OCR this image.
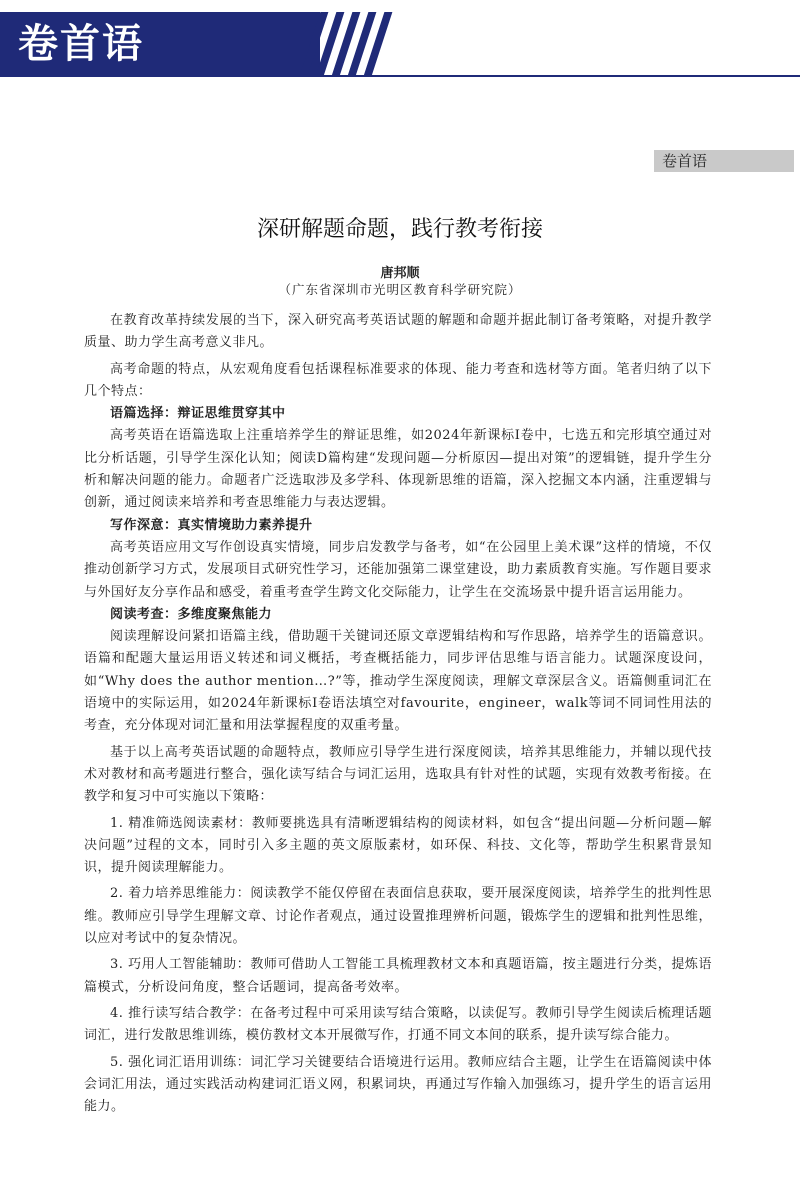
卷首语
卷首语
深研解题命题，践行教考衔接
唐邦顺
（广东省深圳市光明区教育科学研究院）

在教育改革持续发展的当下，深入研究高考英语试题的解题和命题并据此制订备考策略，对提升教学质量、助力学生高考意义非凡。

高考命题的特点，从宏观角度看包括课程标准要求的体现、能力考查和选材等方面。笔者归纳了以下几个特点：

语篇选择：辩证思维贯穿其中

高考英语在语篇选取上注重培养学生的辩证思维，如2024年新课标Ⅰ卷中，七选五和完形填空通过对比分析话题，引导学生深化认知；阅读D篇构建“发现问题—分析原因—提出对策”的逻辑链，提升学生分析和解决问题的能力。命题者广泛选取涉及多学科、体现新思维的语篇，深入挖掘文本内涵，注重逻辑与创新，通过阅读来培养和考查思维能力与表达逻辑。

写作深意：真实情境助力素养提升

高考英语应用文写作创设真实情境，同步启发教学与备考，如“在公园里上美术课”这样的情境，不仅推动创新学习方式，发展项目式研究性学习，还能加强第二课堂建设，助力素质教育实施。写作题目要求与外国好友分享作品和感受，着重考查学生跨文化交际能力，让学生在交流场景中提升语言运用能力。

阅读考查：多维度聚焦能力

阅读理解设问紧扣语篇主线，借助题干关键词还原文章逻辑结构和写作思路，培养学生的语篇意识。语篇和配题大量运用语义转述和词义概括，考查概括能力，同步评估思维与语言能力。试题深度设问，如“Why does the author mention…?”等，推动学生深度阅读，理解文章深层含义。语篇侧重词汇在语境中的实际运用，如2024年新课标Ⅰ卷语法填空对favourite，engineer，walk等词不同词性用法的考查，充分体现对词汇量和用法掌握程度的双重考量。

基于以上高考英语试题的命题特点，教师应引导学生进行深度阅读，培养其思维能力，并辅以现代技术对教材和高考题进行整合，强化读写结合与词汇运用，选取具有针对性的试题，实现有效教考衔接。在教学和复习中可实施以下策略：

1. 精准筛选阅读素材：教师要挑选具有清晰逻辑结构的阅读材料，如包含“提出问题—分析问题—解决问题”过程的文本，同时引入多主题的英文原版素材，如环保、科技、文化等，帮助学生积累背景知识，提升阅读理解能力。

2. 着力培养思维能力：阅读教学不能仅停留在表面信息获取，要开展深度阅读，培养学生的批判性思维。教师应引导学生理解文章、讨论作者观点，通过设置推理辨析问题，锻炼学生的逻辑和批判性思维，以应对考试中的复杂情况。

3. 巧用人工智能辅助：教师可借助人工智能工具梳理教材文本和真题语篇，按主题进行分类，提炼语篇模式，分析设问角度，整合话题词，提高备考效率。

4. 推行读写结合教学：在备考过程中可采用读写结合策略，以读促写。教师引导学生阅读后梳理话题词汇，进行发散思维训练，模仿教材文本开展微写作，打通不同文本间的联系，提升读写综合能力。

5. 强化词汇语用训练：词汇学习关键要结合语境进行运用。教师应结合主题，让学生在语篇阅读中体会词汇用法，通过实践活动构建词汇语义网，积累词块，再通过写作输入加强练习，提升学生的语言运用能力。
